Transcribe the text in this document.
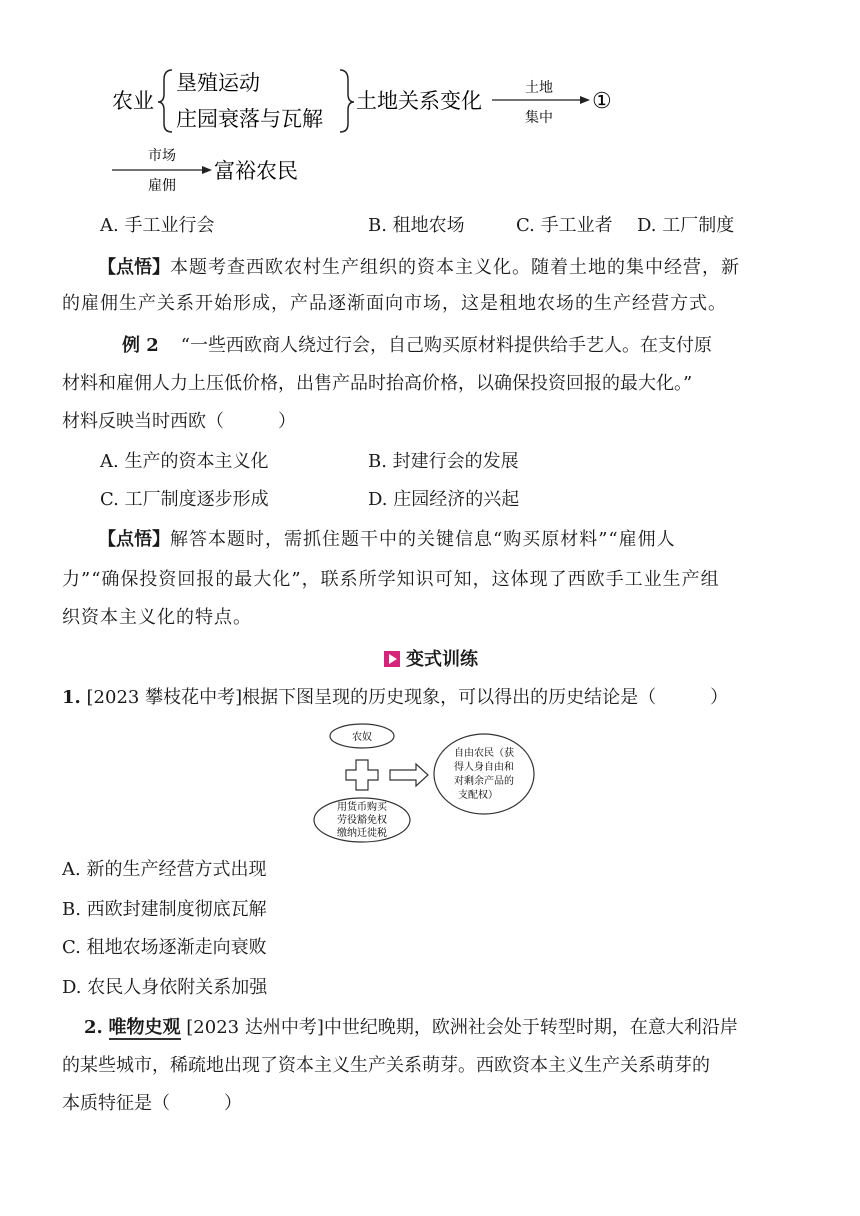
农业
垦殖运动
庄园衰落与瓦解
土地关系变化
土地
集中
①
市场
雇佣
富裕农民
A. 手工业行会	B. 租地农场	C. 手工业者 D. 工厂制度
【点悟】本题考查西欧农村生产组织的资本主义化。随着土地的集中经营，新
的雇佣生产关系开始形成，产品逐渐面向市场，这是租地农场的生产经营方式。
例 2 “一些西欧商人绕过行会，自己购买原材料提供给手艺人。在支付原
材料和雇佣人力上压低价格，出售产品时抬高价格，以确保投资回报的最大化。”
材料反映当时西欧（　　　）
A. 生产的资本主义化	B. 封建行会的发展
C. 工厂制度逐步形成	D. 庄园经济的兴起
【点悟】解答本题时，需抓住题干中的关键信息“购买原材料”“雇佣人
力”“确保投资回报的最大化”，联系所学知识可知，这体现了西欧手工业生产组
织资本主义化的特点。
变式训练
1. [2023 攀枝花中考]根据下图呈现的历史现象，可以得出的历史结论是（　　　）
农奴
用货币购买
劳役豁免权
缴纳迁徙税
自由农民（获
得人身自由和
对剩余产品的
支配权）
A. 新的生产经营方式出现
B. 西欧封建制度彻底瓦解
C. 租地农场逐渐走向衰败
D. 农民人身依附关系加强
2. 唯物史观 [2023 达州中考]中世纪晚期，欧洲社会处于转型时期，在意大利沿岸
的某些城市，稀疏地出现了资本主义生产关系萌芽。西欧资本主义生产关系萌芽的
本质特征是（　　　）
